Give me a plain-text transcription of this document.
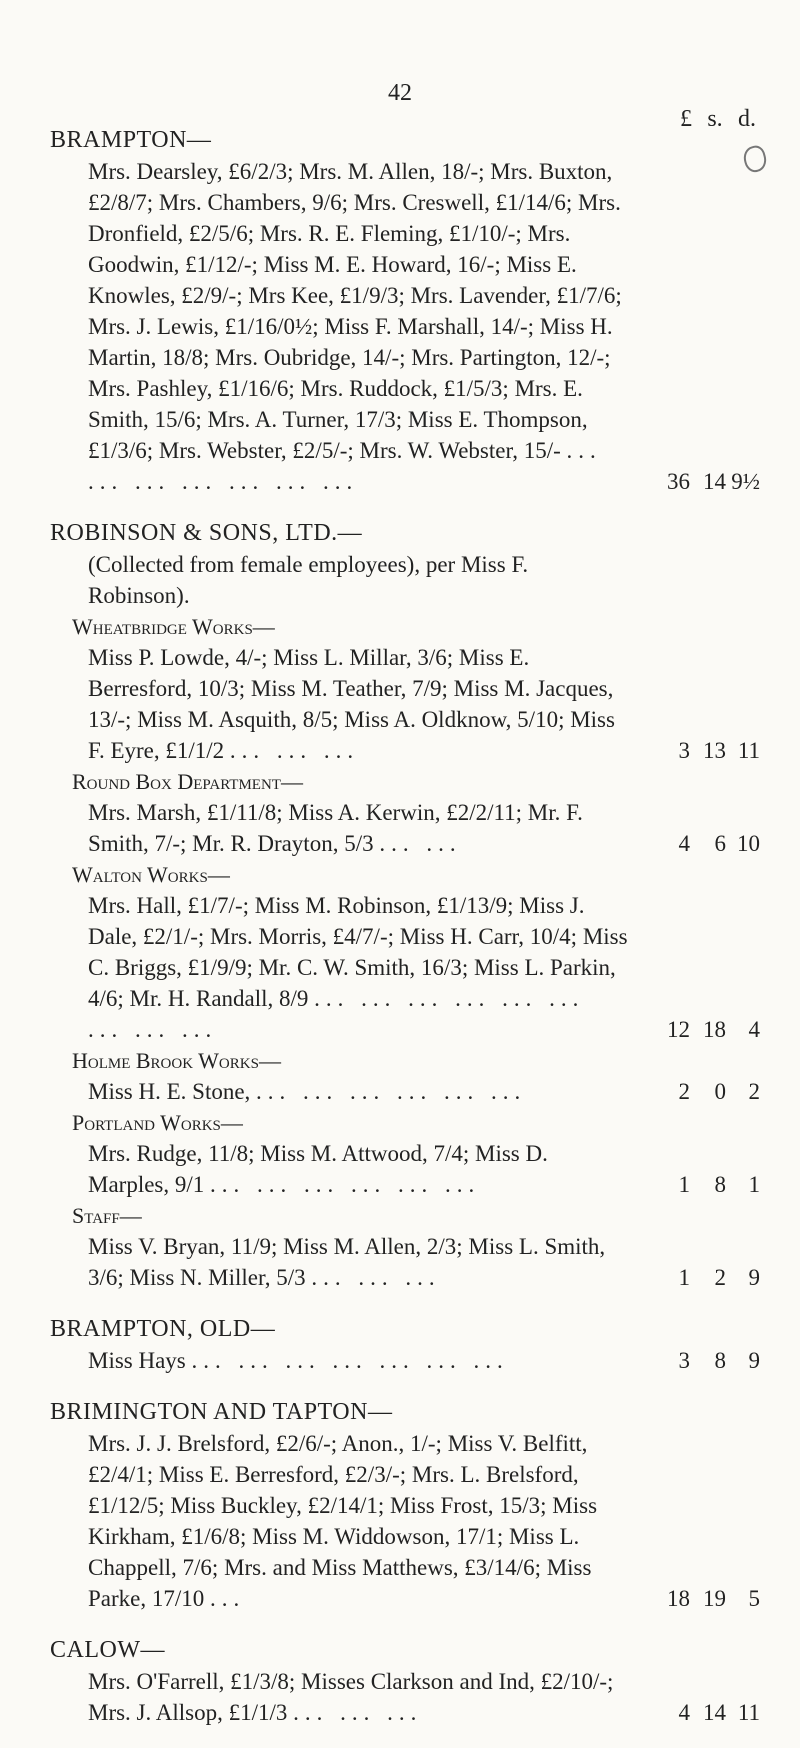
42
£ s. d.
BRAMPTON—
Mrs. Dearsley, £6/2/3; Mrs. M. Allen, 18/-; Mrs. Buxton, £2/8/7; Mrs. Chambers, 9/6; Mrs. Creswell, £1/14/6; Mrs. Dronfield, £2/5/6; Mrs. R. E. Fleming, £1/10/-; Mrs. Goodwin, £1/12/-; Miss M. E. Howard, 16/-; Miss E. Knowles, £2/9/-; Mrs Kee, £1/9/3; Mrs. Lavender, £1/7/6; Mrs. J. Lewis, £1/16/0½; Miss F. Marshall, 14/-; Miss H. Martin, 18/8; Mrs. Oubridge, 14/-; Mrs. Partington, 12/-; Mrs. Pashley, £1/16/6; Mrs. Ruddock, £1/5/3; Mrs. E. Smith, 15/6; Mrs. A. Turner, 17/3; Miss E. Thompson, £1/3/6; Mrs. Webster, £2/5/-; Mrs. W. Webster, 15/- ... ... ... ... ... ... ...	36 14 9½
ROBINSON & SONS, LTD.—
(Collected from female employees), per Miss F. Robinson).
Wheatbridge Works—
Miss P. Lowde, 4/-; Miss L. Millar, 3/6; Miss E. Berresford, 10/3; Miss M. Teather, 7/9; Miss M. Jacques, 13/-; Miss M. Asquith, 8/5; Miss A. Oldknow, 5/10; Miss F. Eyre, £1/1/2 ... ... ...	3 13 11
Round Box Department—
Mrs. Marsh, £1/11/8; Miss A. Kerwin, £2/2/11; Mr. F. Smith, 7/-; Mr. R. Drayton, 5/3 ... ...	4	6 10
Walton Works—
Mrs. Hall, £1/7/-; Miss M. Robinson, £1/13/9; Miss J. Dale, £2/1/-; Mrs. Morris, £4/7/-; Miss H. Carr, 10/4; Miss C. Briggs, £1/9/9; Mr. C. W. Smith, 16/3; Miss L. Parkin, 4/6; Mr. H. Randall, 8/9 ... ... ... ... ... ... ... ... ...	12 18 4
Holme Brook Works—
Miss H. E. Stone, ... ... ... ... ... ...	2	0 2
Portland Works—
Mrs. Rudge, 11/8; Miss M. Attwood, 7/4; Miss D. Marples, 9/1 ... ... ... ... ... ...	1	8 1
Staff—
Miss V. Bryan, 11/9; Miss M. Allen, 2/3; Miss L. Smith, 3/6; Miss N. Miller, 5/3 ... ... ...	1	2 9
BRAMPTON, OLD—
Miss Hays ... ... ... ... ... ... ...	3	8 9
BRIMINGTON AND TAPTON—
Mrs. J. J. Brelsford, £2/6/-; Anon., 1/-; Miss V. Belfitt, £2/4/1; Miss E. Berresford, £2/3/-; Mrs. L. Brelsford, £1/12/5; Miss Buckley, £2/14/1; Miss Frost, 15/3; Miss Kirkham, £1/6/8; Miss M. Widdowson, 17/1; Miss L. Chappell, 7/6; Mrs. and Miss Matthews, £3/14/6; Miss Parke, 17/10 ...	18 19 5
CALOW—
Mrs. O'Farrell, £1/3/8; Misses Clarkson and Ind, £2/10/-; Mrs. J. Allsop, £1/1/3 ... ... ...	4 14 11
